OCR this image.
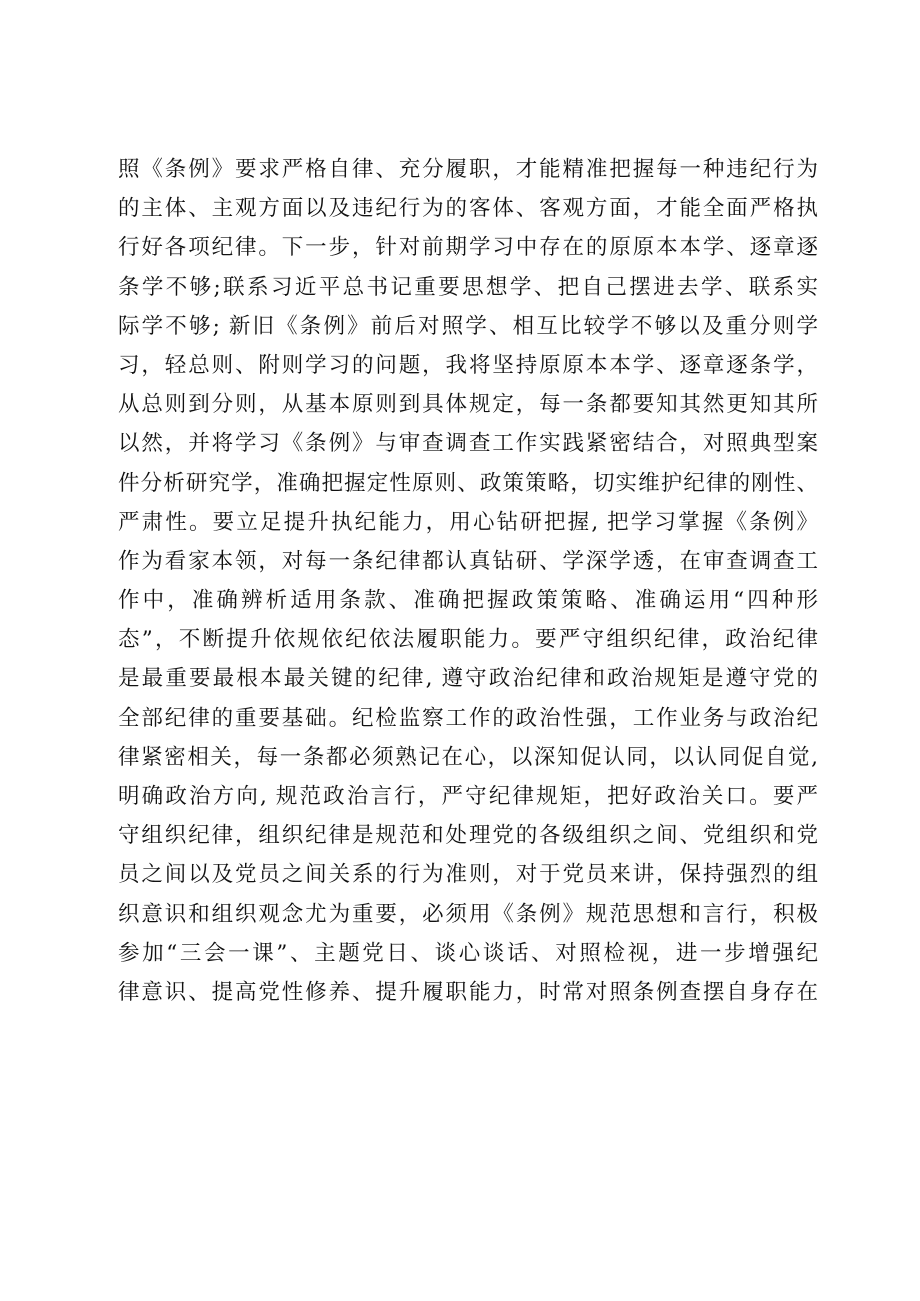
照《条例》要求严格自律、充分履职，才能精准把握每一种违纪行为
的主体、主观方面以及违纪行为的客体、客观方面，才能全面严格执
行好各项纪律。下一步，针对前期学习中存在的原原本本学、逐章逐
条学不够;联系习近平总书记重要思想学、把自己摆进去学、联系实
际学不够; 新旧《条例》前后对照学、相互比较学不够以及重分则学
习，轻总则、附则学习的问题，我将坚持原原本本学、逐章逐条学，
从总则到分则，从基本原则到具体规定，每一条都要知其然更知其所
以然，并将学习《条例》与审查调查工作实践紧密结合，对照典型案
件分析研究学，准确把握定性原则、政策策略，切实维护纪律的刚性、
严肃性。要立足提升执纪能力，用心钻研把握, 把学习掌握《条例》
作为看家本领，对每一条纪律都认真钻研、学深学透，在审查调查工
作中，准确辨析适用条款、准确把握政策策略、准确运用“四种形
态”，不断提升依规依纪依法履职能力。要严守组织纪律，政治纪律
是最重要最根本最关键的纪律, 遵守政治纪律和政治规矩是遵守党的
全部纪律的重要基础。纪检监察工作的政治性强，工作业务与政治纪
律紧密相关，每一条都必须熟记在心，以深知促认同，以认同促自觉,
明确政治方向, 规范政治言行，严守纪律规矩，把好政治关口。要严
守组织纪律，组织纪律是规范和处理党的各级组织之间、党组织和党
员之间以及党员之间关系的行为准则，对于党员来讲，保持强烈的组
织意识和组织观念尤为重要，必须用《条例》规范思想和言行，积极
参加“三会一课”、主题党日、谈心谈话、对照检视，进一步增强纪
律意识、提高党性修养、提升履职能力，时常对照条例查摆自身存在
